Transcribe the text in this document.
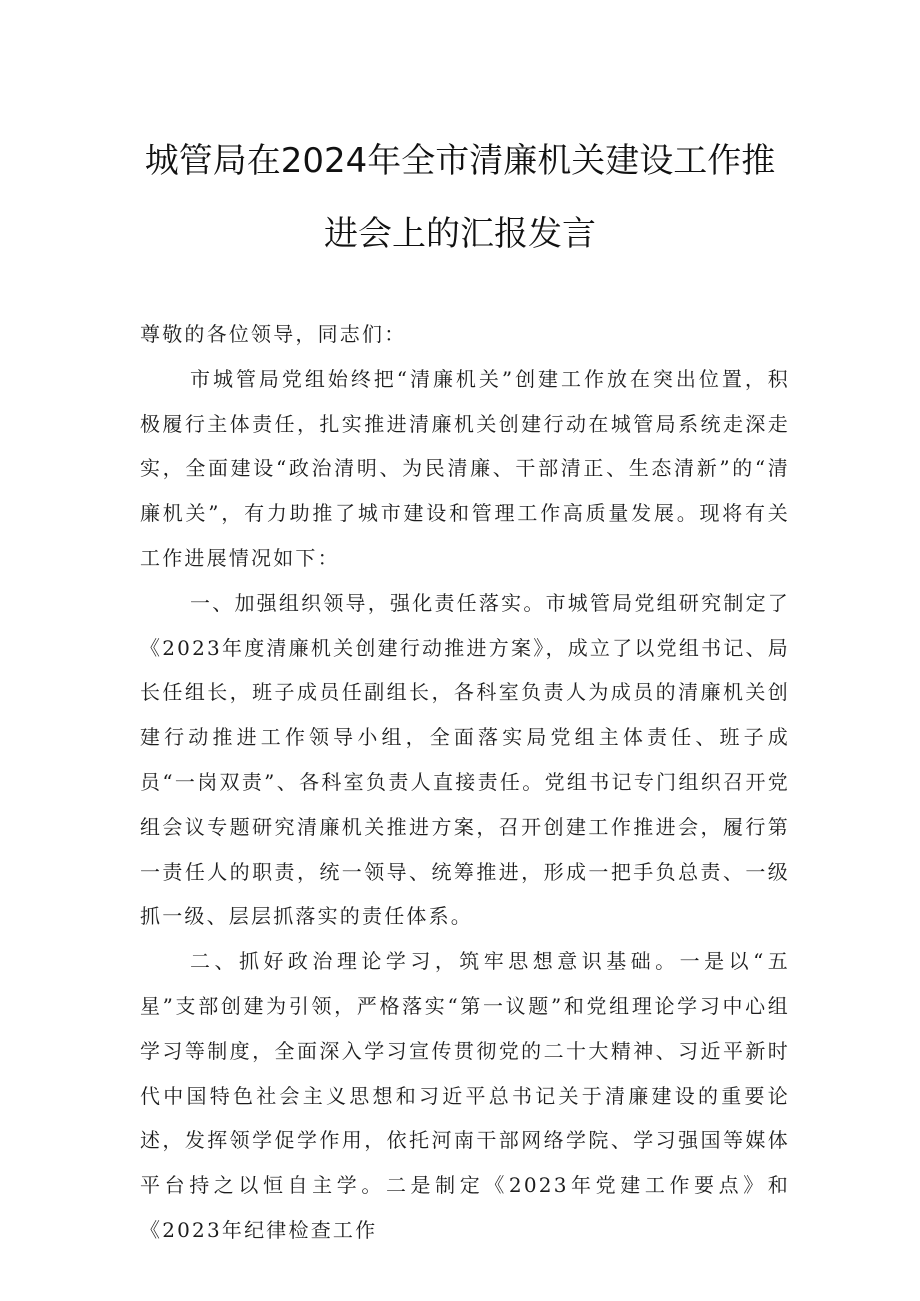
城管局在2024年全市清廉机关建设工作推
进会上的汇报发言

尊敬的各位领导，同志们：

市城管局党组始终把“清廉机关”创建工作放在突出位置，积极履行主体责任，扎实推进清廉机关创建行动在城管局系统走深走实，全面建设“政治清明、为民清廉、干部清正、生态清新”的“清廉机关”，有力助推了城市建设和管理工作高质量发展。现将有关工作进展情况如下：

一、加强组织领导，强化责任落实。市城管局党组研究制定了《2023年度清廉机关创建行动推进方案》，成立了以党组书记、局长任组长，班子成员任副组长，各科室负责人为成员的清廉机关创建行动推进工作领导小组，全面落实局党组主体责任、班子成员“一岗双责”、各科室负责人直接责任。党组书记专门组织召开党组会议专题研究清廉机关推进方案，召开创建工作推进会，履行第一责任人的职责，统一领导、统筹推进，形成一把手负总责、一级抓一级、层层抓落实的责任体系。

二、抓好政治理论学习，筑牢思想意识基础。一是以“五星”支部创建为引领，严格落实“第一议题”和党组理论学习中心组学习等制度，全面深入学习宣传贯彻党的二十大精神、习近平新时代中国特色社会主义思想和习近平总书记关于清廉建设的重要论述，发挥领学促学作用，依托河南干部网络学院、学习强国等媒体平台持之以恒自主学。二是制定《2023年党建工作要点》和《2023年纪律检查工作
